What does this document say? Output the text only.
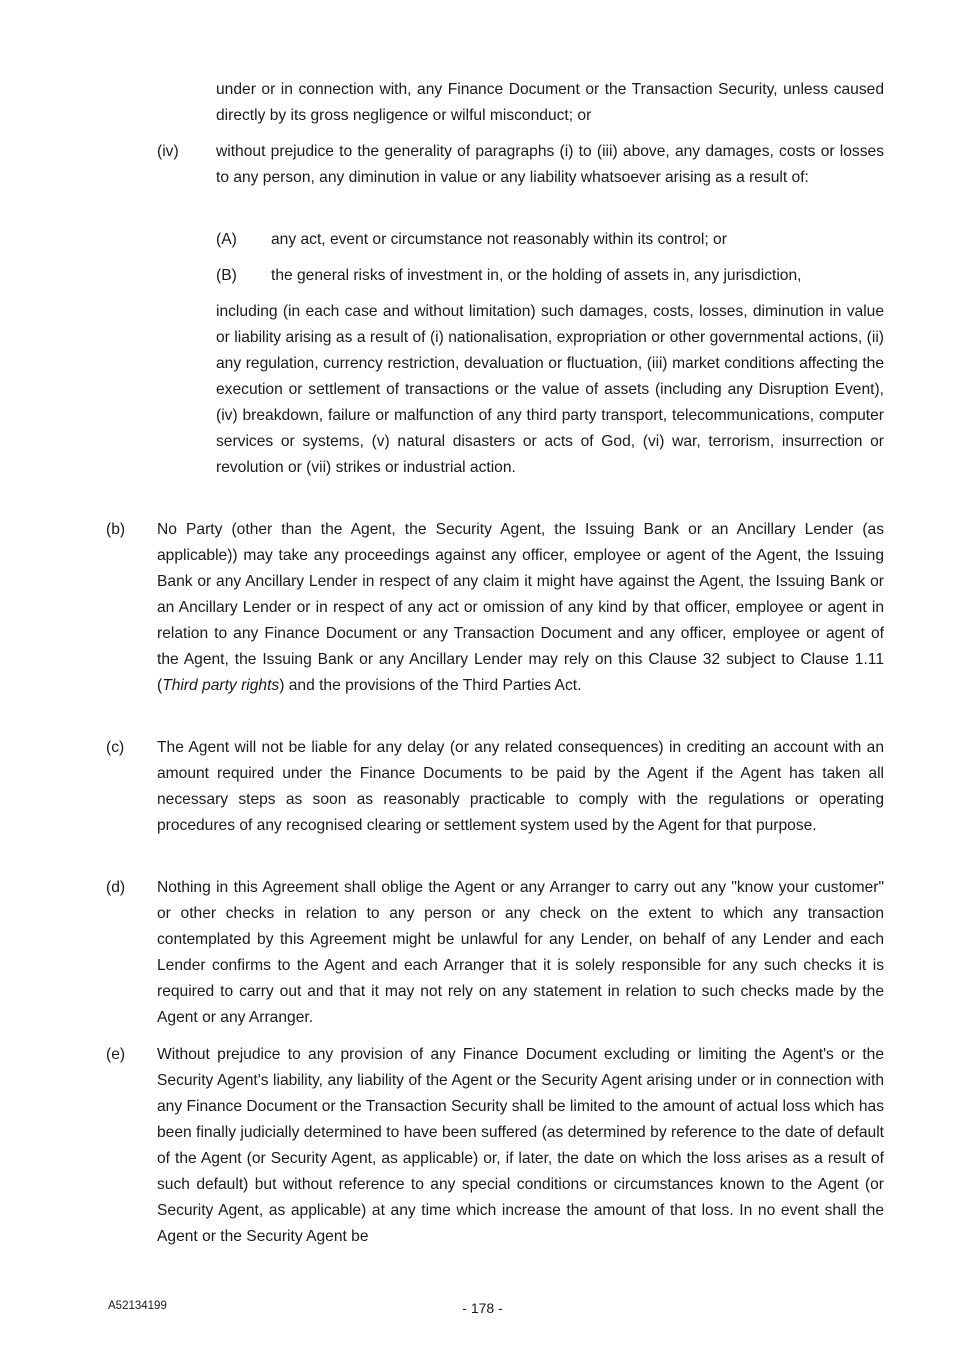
under or in connection with, any Finance Document or the Transaction Security, unless caused directly by its gross negligence or wilful misconduct; or

(iv) without prejudice to the generality of paragraphs (i) to (iii) above, any damages, costs or losses to any person, any diminution in value or any liability whatsoever arising as a result of:

(A) any act, event or circumstance not reasonably within its control; or

(B) the general risks of investment in, or the holding of assets in, any jurisdiction,

including (in each case and without limitation) such damages, costs, losses, diminution in value or liability arising as a result of (i) nationalisation, expropriation or other governmental actions, (ii) any regulation, currency restriction, devaluation or fluctuation, (iii) market conditions affecting the execution or settlement of transactions or the value of assets (including any Disruption Event), (iv) breakdown, failure or malfunction of any third party transport, telecommunications, computer services or systems, (v) natural disasters or acts of God, (vi) war, terrorism, insurrection or revolution or (vii) strikes or industrial action.

(b) No Party (other than the Agent, the Security Agent, the Issuing Bank or an Ancillary Lender (as applicable)) may take any proceedings against any officer, employee or agent of the Agent, the Issuing Bank or any Ancillary Lender in respect of any claim it might have against the Agent, the Issuing Bank or an Ancillary Lender or in respect of any act or omission of any kind by that officer, employee or agent in relation to any Finance Document or any Transaction Document and any officer, employee or agent of the Agent, the Issuing Bank or any Ancillary Lender may rely on this Clause 32 subject to Clause 1.11 (Third party rights) and the provisions of the Third Parties Act.

(c) The Agent will not be liable for any delay (or any related consequences) in crediting an account with an amount required under the Finance Documents to be paid by the Agent if the Agent has taken all necessary steps as soon as reasonably practicable to comply with the regulations or operating procedures of any recognised clearing or settlement system used by the Agent for that purpose.

(d) Nothing in this Agreement shall oblige the Agent or any Arranger to carry out any "know your customer" or other checks in relation to any person or any check on the extent to which any transaction contemplated by this Agreement might be unlawful for any Lender, on behalf of any Lender and each Lender confirms to the Agent and each Arranger that it is solely responsible for any such checks it is required to carry out and that it may not rely on any statement in relation to such checks made by the Agent or any Arranger.

(e) Without prejudice to any provision of any Finance Document excluding or limiting the Agent's or the Security Agent's liability, any liability of the Agent or the Security Agent arising under or in connection with any Finance Document or the Transaction Security shall be limited to the amount of actual loss which has been finally judicially determined to have been suffered (as determined by reference to the date of default of the Agent (or Security Agent, as applicable) or, if later, the date on which the loss arises as a result of such default) but without reference to any special conditions or circumstances known to the Agent (or Security Agent, as applicable) at any time which increase the amount of that loss. In no event shall the Agent or the Security Agent be

A52134199	- 178 -
